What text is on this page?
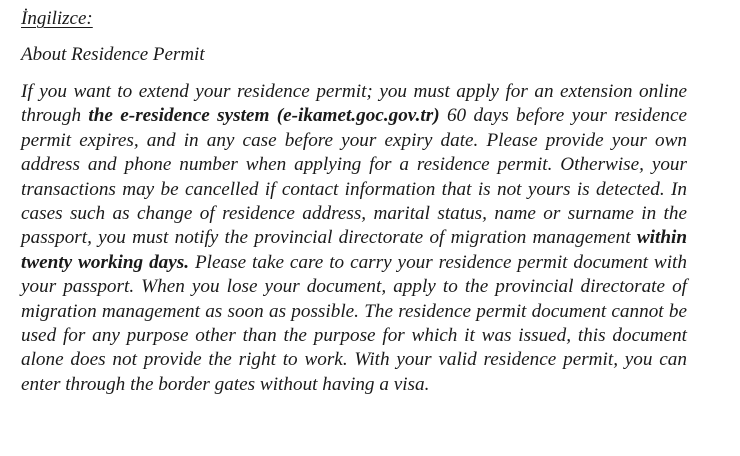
İngilizce:
About Residence Permit

If you want to extend your residence permit; you must apply for an extension online through the e-residence system (e-ikamet.goc.gov.tr) 60 days before your residence permit expires, and in any case before your expiry date. Please provide your own address and phone number when applying for a residence permit. Otherwise, your transactions may be cancelled if contact information that is not yours is detected. In cases such as change of residence address, marital status, name or surname in the passport, you must notify the provincial directorate of migration management within twenty working days. Please take care to carry your residence permit document with your passport. When you lose your document, apply to the provincial directorate of migration management as soon as possible. The residence permit document cannot be used for any purpose other than the purpose for which it was issued, this document alone does not provide the right to work. With your valid residence permit, you can enter through the border gates without having a visa.
